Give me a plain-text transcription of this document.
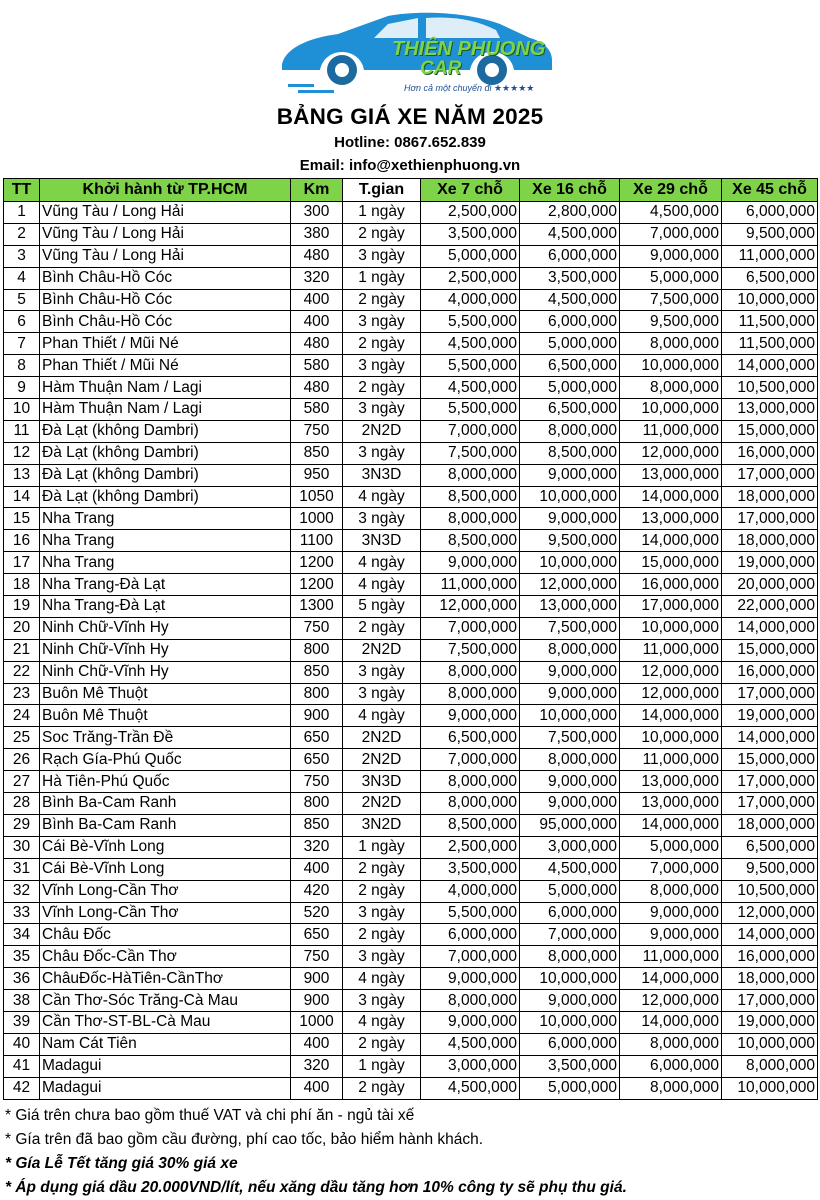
THIÊN PHUONG
CAR
Hơn cả một chuyến đi ★★★★★
BẢNG GIÁ XE NĂM 2025
Hotline: 0867.652.839
Email: info@xethienphuong.vn
TT	Khởi hành từ TP.HCM	Km	T.gian	Xe 7 chỗ	Xe 16 chỗ	Xe 29 chỗ	Xe 45 chỗ
1	Vũng Tàu / Long Hải	300	1 ngày	2,500,000	2,800,000	4,500,000	6,000,000
2	Vũng Tàu / Long Hải	380	2 ngày	3,500,000	4,500,000	7,000,000	9,500,000
3	Vũng Tàu / Long Hải	480	3 ngày	5,000,000	6,000,000	9,000,000	11,000,000
4	Bình Châu-Hồ Cóc	320	1 ngày	2,500,000	3,500,000	5,000,000	6,500,000
5	Bình Châu-Hồ Cóc	400	2 ngày	4,000,000	4,500,000	7,500,000	10,000,000
6	Bình Châu-Hồ Cóc	400	3 ngày	5,500,000	6,000,000	9,500,000	11,500,000
7	Phan Thiết / Mũi Né	480	2 ngày	4,500,000	5,000,000	8,000,000	11,500,000
8	Phan Thiết / Mũi Né	580	3 ngày	5,500,000	6,500,000	10,000,000	14,000,000
9	Hàm Thuận Nam / Lagi	480	2 ngày	4,500,000	5,000,000	8,000,000	10,500,000
10	Hàm Thuận Nam / Lagi	580	3 ngày	5,500,000	6,500,000	10,000,000	13,000,000
11	Đà Lạt (không Dambri)	750	2N2D	7,000,000	8,000,000	11,000,000	15,000,000
12	Đà Lạt (không Dambri)	850	3 ngày	7,500,000	8,500,000	12,000,000	16,000,000
13	Đà Lạt (không Dambri)	950	3N3D	8,000,000	9,000,000	13,000,000	17,000,000
14	Đà Lạt (không Dambri)	1050	4 ngày	8,500,000	10,000,000	14,000,000	18,000,000
15	Nha Trang	1000	3 ngày	8,000,000	9,000,000	13,000,000	17,000,000
16	Nha Trang	1100	3N3D	8,500,000	9,500,000	14,000,000	18,000,000
17	Nha Trang	1200	4 ngày	9,000,000	10,000,000	15,000,000	19,000,000
18	Nha Trang-Đà Lạt	1200	4 ngày	11,000,000	12,000,000	16,000,000	20,000,000
19	Nha Trang-Đà Lạt	1300	5 ngày	12,000,000	13,000,000	17,000,000	22,000,000
20	Ninh Chữ-Vĩnh Hy	750	2 ngày	7,000,000	7,500,000	10,000,000	14,000,000
21	Ninh Chữ-Vĩnh Hy	800	2N2D	7,500,000	8,000,000	11,000,000	15,000,000
22	Ninh Chữ-Vĩnh Hy	850	3 ngày	8,000,000	9,000,000	12,000,000	16,000,000
23	Buôn Mê Thuột	800	3 ngày	8,000,000	9,000,000	12,000,000	17,000,000
24	Buôn Mê Thuột	900	4 ngày	9,000,000	10,000,000	14,000,000	19,000,000
25	Soc Trăng-Trần Đề	650	2N2D	6,500,000	7,500,000	10,000,000	14,000,000
26	Rạch Gía-Phú Quốc	650	2N2D	7,000,000	8,000,000	11,000,000	15,000,000
27	Hà Tiên-Phú Quốc	750	3N3D	8,000,000	9,000,000	13,000,000	17,000,000
28	Bình Ba-Cam Ranh	800	2N2D	8,000,000	9,000,000	13,000,000	17,000,000
29	Bình Ba-Cam Ranh	850	3N2D	8,500,000	95,000,000	14,000,000	18,000,000
30	Cái Bè-Vĩnh Long	320	1 ngày	2,500,000	3,000,000	5,000,000	6,500,000
31	Cái Bè-Vĩnh Long	400	2 ngày	3,500,000	4,500,000	7,000,000	9,500,000
32	Vĩnh Long-Cần Thơ	420	2 ngày	4,000,000	5,000,000	8,000,000	10,500,000
33	Vĩnh Long-Cần Thơ	520	3 ngày	5,500,000	6,000,000	9,000,000	12,000,000
34	Châu Đốc	650	2 ngày	6,000,000	7,000,000	9,000,000	14,000,000
35	Châu Đốc-Cần Thơ	750	3 ngày	7,000,000	8,000,000	11,000,000	16,000,000
36	ChâuĐốc-HàTiên-CầnThơ	900	4 ngày	9,000,000	10,000,000	14,000,000	18,000,000
38	Cần Thơ-Sóc Trăng-Cà Mau	900	3 ngày	8,000,000	9,000,000	12,000,000	17,000,000
39	Cần Thơ-ST-BL-Cà Mau	1000	4 ngày	9,000,000	10,000,000	14,000,000	19,000,000
40	Nam Cát Tiên	400	2 ngày	4,500,000	6,000,000	8,000,000	10,000,000
41	Madagui	320	1 ngày	3,000,000	3,500,000	6,000,000	8,000,000
42	Madagui	400	2 ngày	4,500,000	5,000,000	8,000,000	10,000,000
* Giá trên chưa bao gồm thuế VAT và chi phí ăn - ngủ tài xế
* Gía trên đã bao gồm cầu đường, phí cao tốc, bảo hiểm hành khách.
* Gía Lễ Tết tăng giá 30% giá xe
* Áp dụng giá dầu 20.000VND/lít, nếu xăng dầu tăng hơn 10% công ty sẽ phụ thu giá.
